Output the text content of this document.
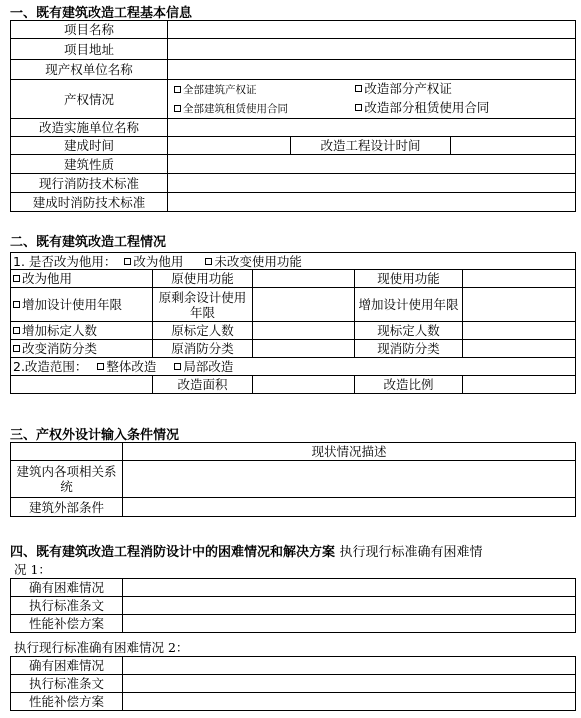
一、既有建筑改造工程基本信息
项目名称			
项目地址			
现产权单位名称			
产权情况	全部建筑产权证 改造部分产权证
全部建筑租赁使用合同 改造部分租赁使用合同		

改造实施单位名称			
建成时间		改造工程设计时间	
建筑性质			
现行消防技术标准			
建成时消防技术标准			
二、既有建筑改造工程情况
1. 是否改为他用： 改为他用 未改变使用功能				
改为他用	原使用功能		现使用功能	
增加设计使用年限	原剩余设计使用年限		增加设计使用年限	
增加标定人数	原标定人数		现标定人数	
改变消防分类	原消防分类		现消防分类	
2.改造范围： 整体改造 局部改造				
	改造面积		改造比例	
三、产权外设计输入条件情况
	现状情况描述
建筑内各项相关系统	
建筑外部条件	
四、既有建筑改造工程消防设计中的困难情况和解决方案 执行现行标准确有困难情
况 1：
确有困难情况	
执行标准条文	
性能补偿方案	
执行现行标准确有困难情况 2：
确有困难情况	
执行标准条文	
性能补偿方案	
